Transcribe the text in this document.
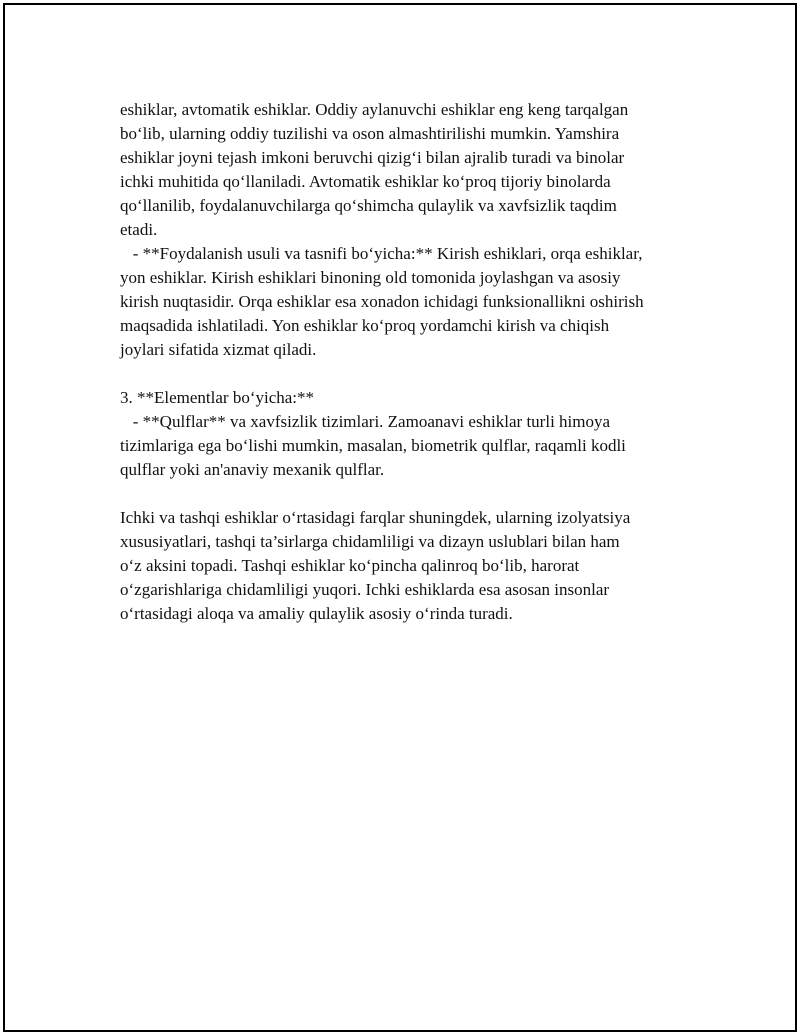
eshiklar, avtomatik eshiklar. Oddiy aylanuvchi eshiklar eng keng tarqalgan
bo‘lib, ularning oddiy tuzilishi va oson almashtirilishi mumkin. Yamshira
eshiklar joyni tejash imkoni beruvchi qizig‘i bilan ajralib turadi va binolar
ichki muhitida qo‘llaniladi. Avtomatik eshiklar ko‘proq tijoriy binolarda
qo‘llanilib, foydalanuvchilarga qo‘shimcha qulaylik va xavfsizlik taqdim
etadi.
- **Foydalanish usuli va tasnifi bo‘yicha:** Kirish eshiklari, orqa eshiklar,
yon eshiklar. Kirish eshiklari binoning old tomonida joylashgan va asosiy
kirish nuqtasidir. Orqa eshiklar esa xonadon ichidagi funksionallikni oshirish
maqsadida ishlatiladi. Yon eshiklar ko‘proq yordamchi kirish va chiqish
joylari sifatida xizmat qiladi.

3. **Elementlar bo‘yicha:**
- **Qulflar** va xavfsizlik tizimlari. Zamoanavi eshiklar turli himoya
tizimlariga ega bo‘lishi mumkin, masalan, biometrik qulflar, raqamli kodli
qulflar yoki an'anaviy mexanik qulflar.

Ichki va tashqi eshiklar o‘rtasidagi farqlar shuningdek, ularning izolyatsiya
xususiyatlari, tashqi ta’sirlarga chidamliligi va dizayn uslublari bilan ham
o‘z aksini topadi. Tashqi eshiklar ko‘pincha qalinroq bo‘lib, harorat
o‘zgarishlariga chidamliligi yuqori. Ichki eshiklarda esa asosan insonlar
o‘rtasidagi aloqa va amaliy qulaylik asosiy o‘rinda turadi.
